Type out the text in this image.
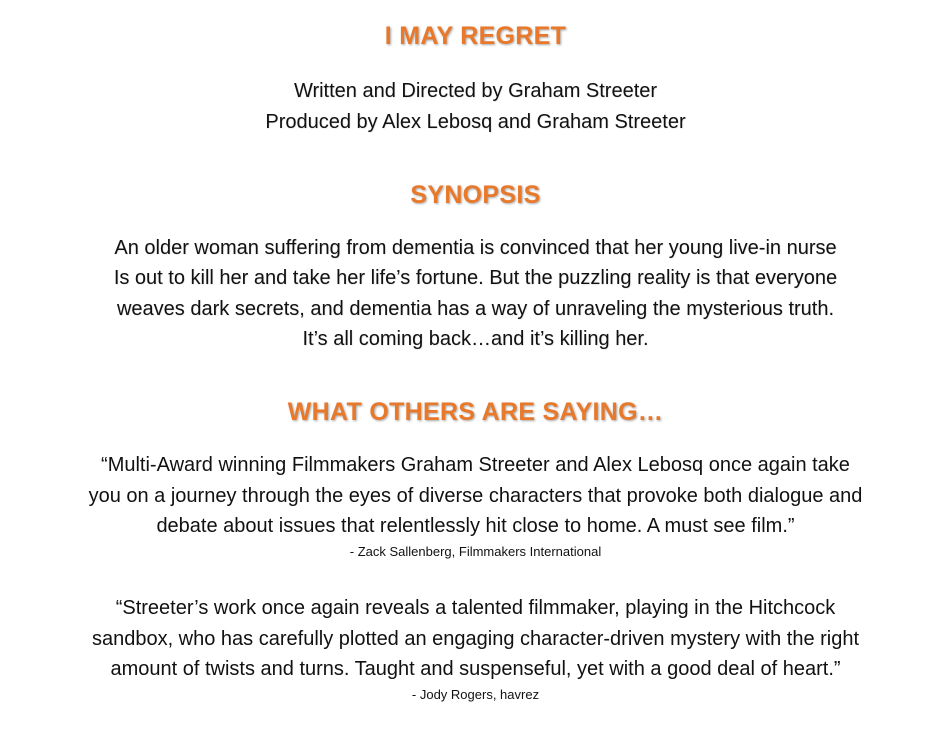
I MAY REGRET

Written and Directed by Graham Streeter

Produced by Alex Lebosq and Graham Streeter

SYNOPSIS

An older woman suffering from dementia is convinced that her young live-in nurse

Is out to kill her and take her life’s fortune. But the puzzling reality is that everyone

weaves dark secrets, and dementia has a way of unraveling the mysterious truth.

It’s all coming back…and it’s killing her.

WHAT OTHERS ARE SAYING…

“Multi-Award winning Filmmakers Graham Streeter and Alex Lebosq once again take

you on a journey through the eyes of diverse characters that provoke both dialogue and

debate about issues that relentlessly hit close to home. A must see film.”

- Zack Sallenberg, Filmmakers International

“Streeter’s work once again reveals a talented filmmaker, playing in the Hitchcock

sandbox, who has carefully plotted an engaging character-driven mystery with the right

amount of twists and turns. Taught and suspenseful, yet with a good deal of heart.”

- Jody Rogers, havrez
